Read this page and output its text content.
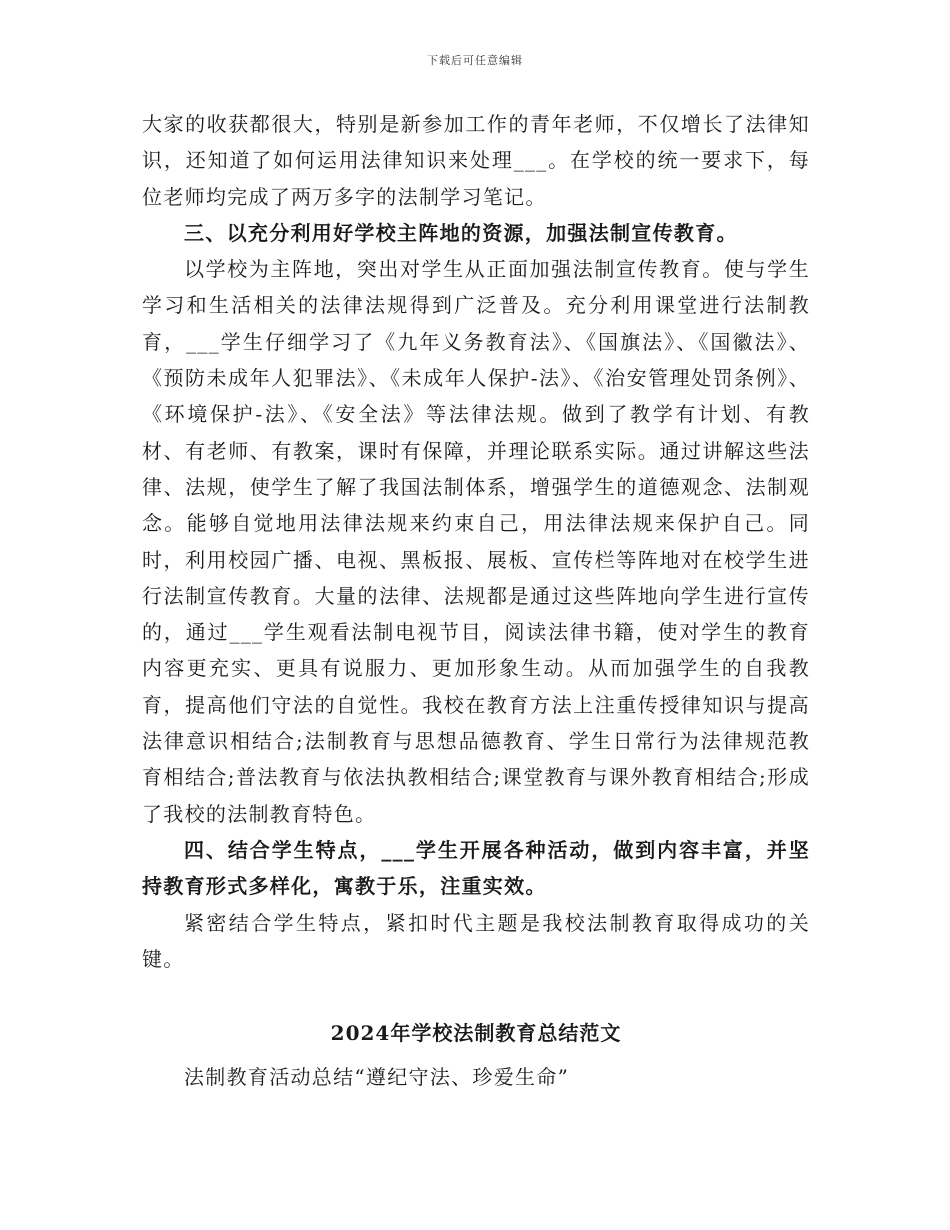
下载后可任意编辑

大家的收获都很大，特别是新参加工作的青年老师，不仅增长了法律知识，还知道了如何运用法律知识来处理___。在学校的统一要求下，每位老师均完成了两万多字的法制学习笔记。

三、以充分利用好学校主阵地的资源，加强法制宣传教育。

以学校为主阵地，突出对学生从正面加强法制宣传教育。使与学生学习和生活相关的法律法规得到广泛普及。充分利用课堂进行法制教育，___学生仔细学习了《九年义务教育法》、《国旗法》、《国徽法》、《预防未成年人犯罪法》、《未成年人保护-法》、《治安管理处罚条例》、《环境保护-法》、《安全法》等法律法规。做到了教学有计划、有教材、有老师、有教案，课时有保障，并理论联系实际。通过讲解这些法律、法规，使学生了解了我国法制体系，增强学生的道德观念、法制观念。能够自觉地用法律法规来约束自己，用法律法规来保护自己。同时，利用校园广播、电视、黑板报、展板、宣传栏等阵地对在校学生进行法制宣传教育。大量的法律、法规都是通过这些阵地向学生进行宣传的，通过___学生观看法制电视节目，阅读法律书籍，使对学生的教育内容更充实、更具有说服力、更加形象生动。从而加强学生的自我教育，提高他们守法的自觉性。我校在教育方法上注重传授律知识与提高法律意识相结合;法制教育与思想品德教育、学生日常行为法律规范教育相结合;普法教育与依法执教相结合;课堂教育与课外教育相结合;形成了我校的法制教育特色。

四、结合学生特点，___学生开展各种活动，做到内容丰富，并坚持教育形式多样化，寓教于乐，注重实效。

紧密结合学生特点，紧扣时代主题是我校法制教育取得成功的关键。

2024年学校法制教育总结范文

法制教育活动总结“遵纪守法、珍爱生命”
